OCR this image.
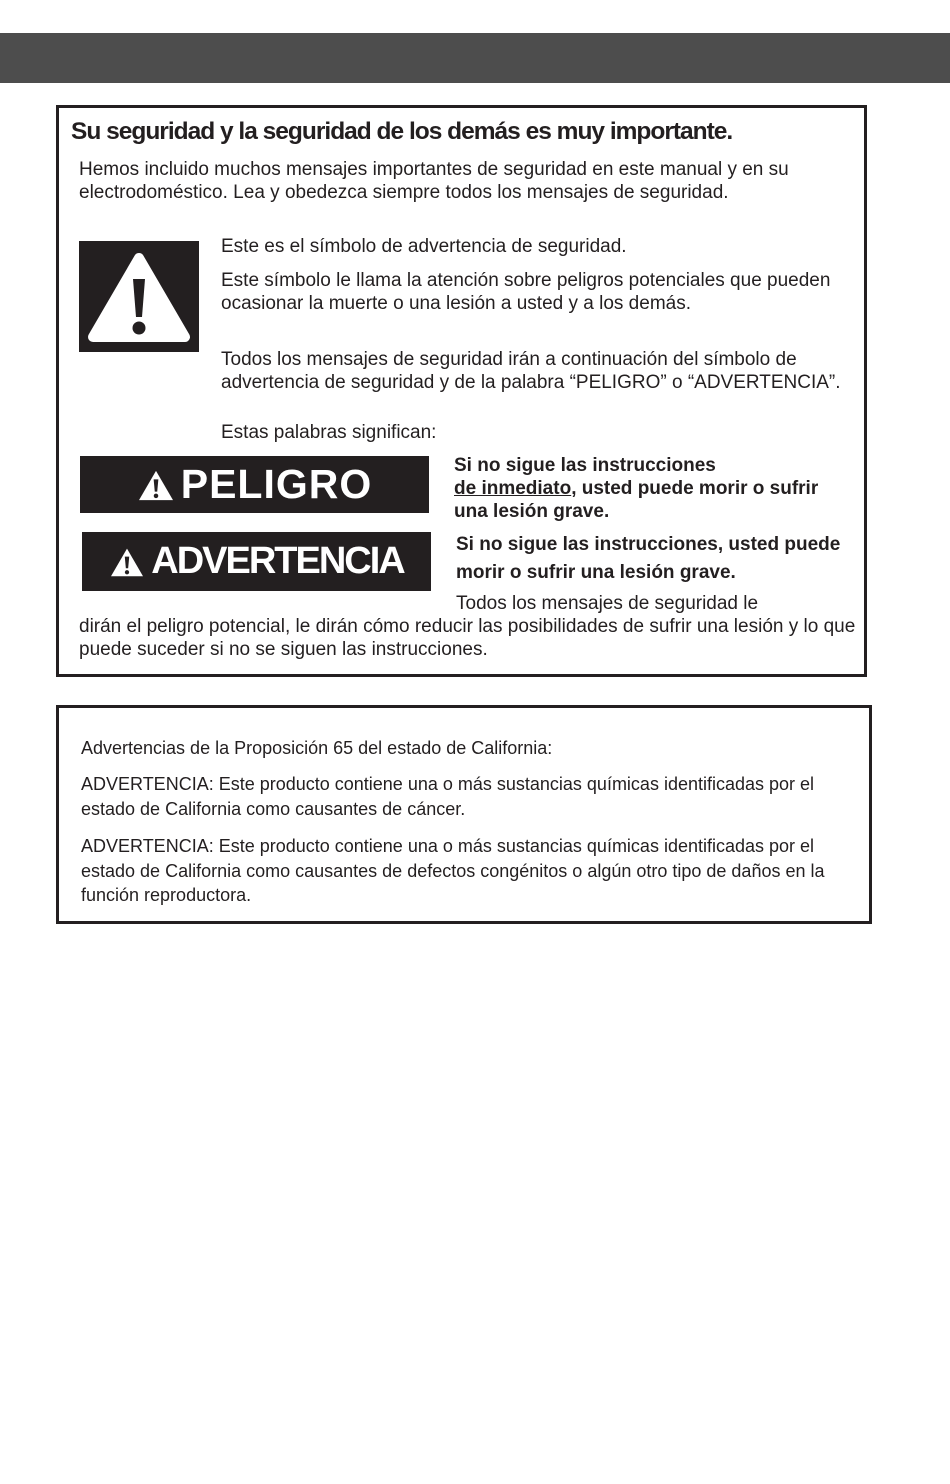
Su seguridad y la seguridad de los demás es muy importante.

Hemos incluido muchos mensajes importantes de seguridad en este manual y en su electrodoméstico. Lea y obedezca siempre todos los mensajes de seguridad.

Este es el símbolo de advertencia de seguridad.

Este símbolo le llama la atención sobre peligros potenciales que pueden ocasionar la muerte o una lesión a usted y a los demás.

Todos los mensajes de seguridad irán a continuación del símbolo de advertencia de seguridad y de la palabra “PELIGRO” o “ADVERTENCIA”.

Estas palabras significan:

PELIGRO	Si no sigue las instrucciones
de inmediato, usted puede morir o sufrir una lesión grave.

ADVERTENCIA	Si no sigue las instrucciones, usted puede morir o sufrir una lesión grave.

Todos los mensajes de seguridad le

dirán el peligro potencial, le dirán cómo reducir las posibilidades de sufrir una lesión y lo que puede suceder si no se siguen las instrucciones.

Advertencias de la Proposición 65 del estado de California:

ADVERTENCIA: Este producto contiene una o más sustancias químicas identificadas por el estado de California como causantes de cáncer.

ADVERTENCIA: Este producto contiene una o más sustancias químicas identificadas por el estado de California como causantes de defectos congénitos o algún otro tipo de daños en la función reproductora.
